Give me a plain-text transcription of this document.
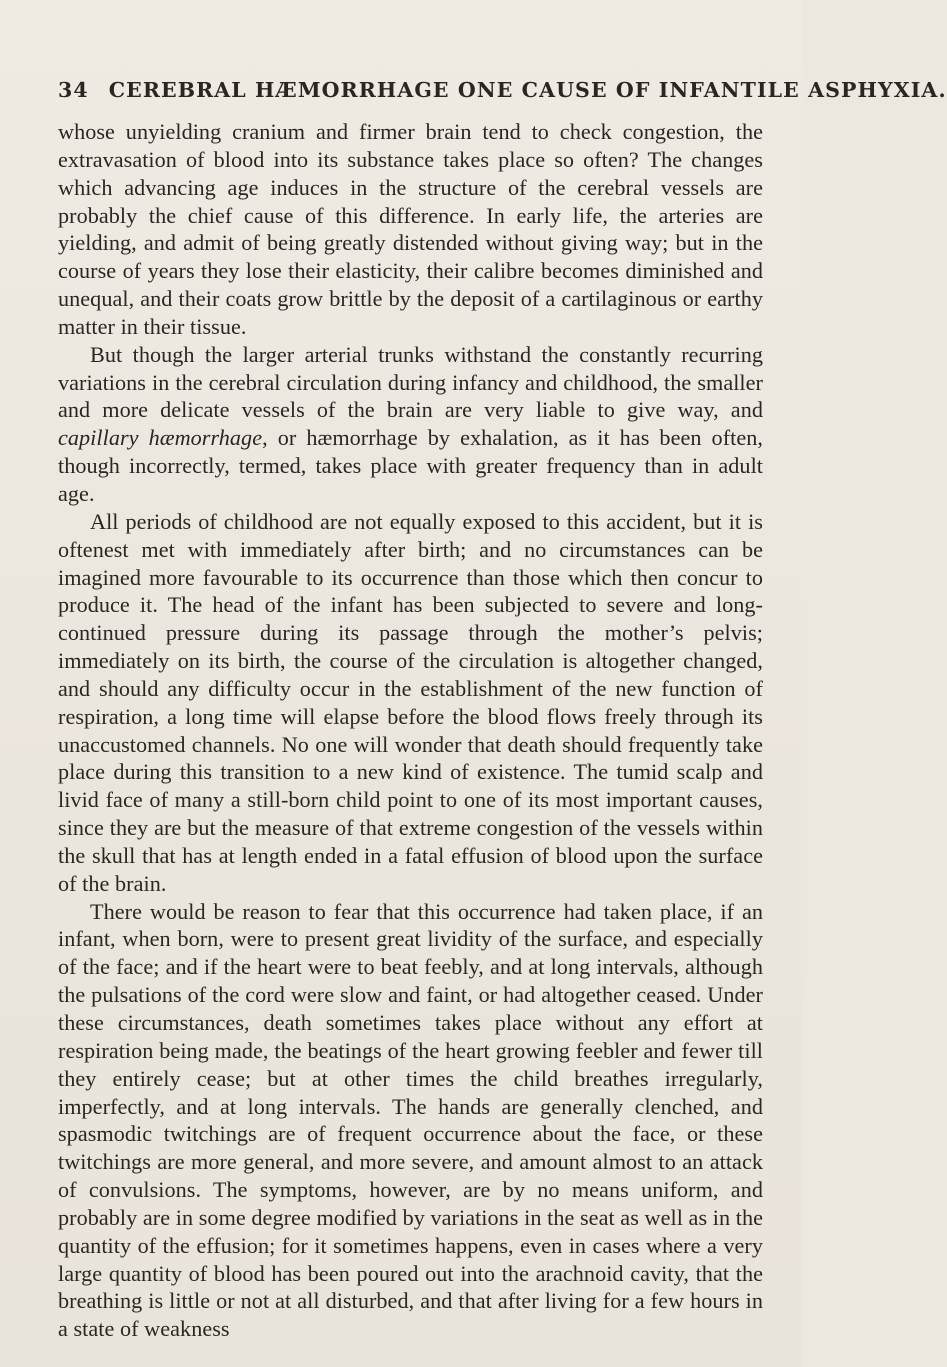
34 CEREBRAL HÆMORRHAGE ONE CAUSE OF INFANTILE ASPHYXIA.

whose unyielding cranium and firmer brain tend to check congestion, the extravasation of blood into its substance takes place so often? The changes which advancing age induces in the structure of the cerebral vessels are probably the chief cause of this difference. In early life, the arteries are yielding, and admit of being greatly distended without giving way; but in the course of years they lose their elasticity, their calibre becomes diminished and unequal, and their coats grow brittle by the deposit of a cartilaginous or earthy matter in their tissue.

But though the larger arterial trunks withstand the constantly recurring variations in the cerebral circulation during infancy and childhood, the smaller and more delicate vessels of the brain are very liable to give way, and capillary hæmorrhage, or hæmorrhage by exhalation, as it has been often, though incorrectly, termed, takes place with greater frequency than in adult age.

All periods of childhood are not equally exposed to this accident, but it is oftenest met with immediately after birth; and no circumstances can be imagined more favourable to its occurrence than those which then concur to produce it. The head of the infant has been subjected to severe and long-continued pressure during its passage through the mother’s pelvis; immediately on its birth, the course of the circulation is altogether changed, and should any difficulty occur in the establishment of the new function of respiration, a long time will elapse before the blood flows freely through its unaccustomed channels. No one will wonder that death should frequently take place during this transition to a new kind of existence. The tumid scalp and livid face of many a still-born child point to one of its most important causes, since they are but the measure of that extreme congestion of the vessels within the skull that has at length ended in a fatal effusion of blood upon the surface of the brain.

There would be reason to fear that this occurrence had taken place, if an infant, when born, were to present great lividity of the surface, and especially of the face; and if the heart were to beat feebly, and at long intervals, although the pulsations of the cord were slow and faint, or had altogether ceased. Under these circumstances, death sometimes takes place without any effort at respiration being made, the beatings of the heart growing feebler and fewer till they entirely cease; but at other times the child breathes irregularly, imperfectly, and at long intervals. The hands are generally clenched, and spasmodic twitchings are of frequent occurrence about the face, or these twitchings are more general, and more severe, and amount almost to an attack of convulsions. The symptoms, however, are by no means uniform, and probably are in some degree modified by variations in the seat as well as in the quantity of the effusion; for it sometimes happens, even in cases where a very large quantity of blood has been poured out into the arachnoid cavity, that the breathing is little or not at all disturbed, and that after living for a few hours in a state of weakness
